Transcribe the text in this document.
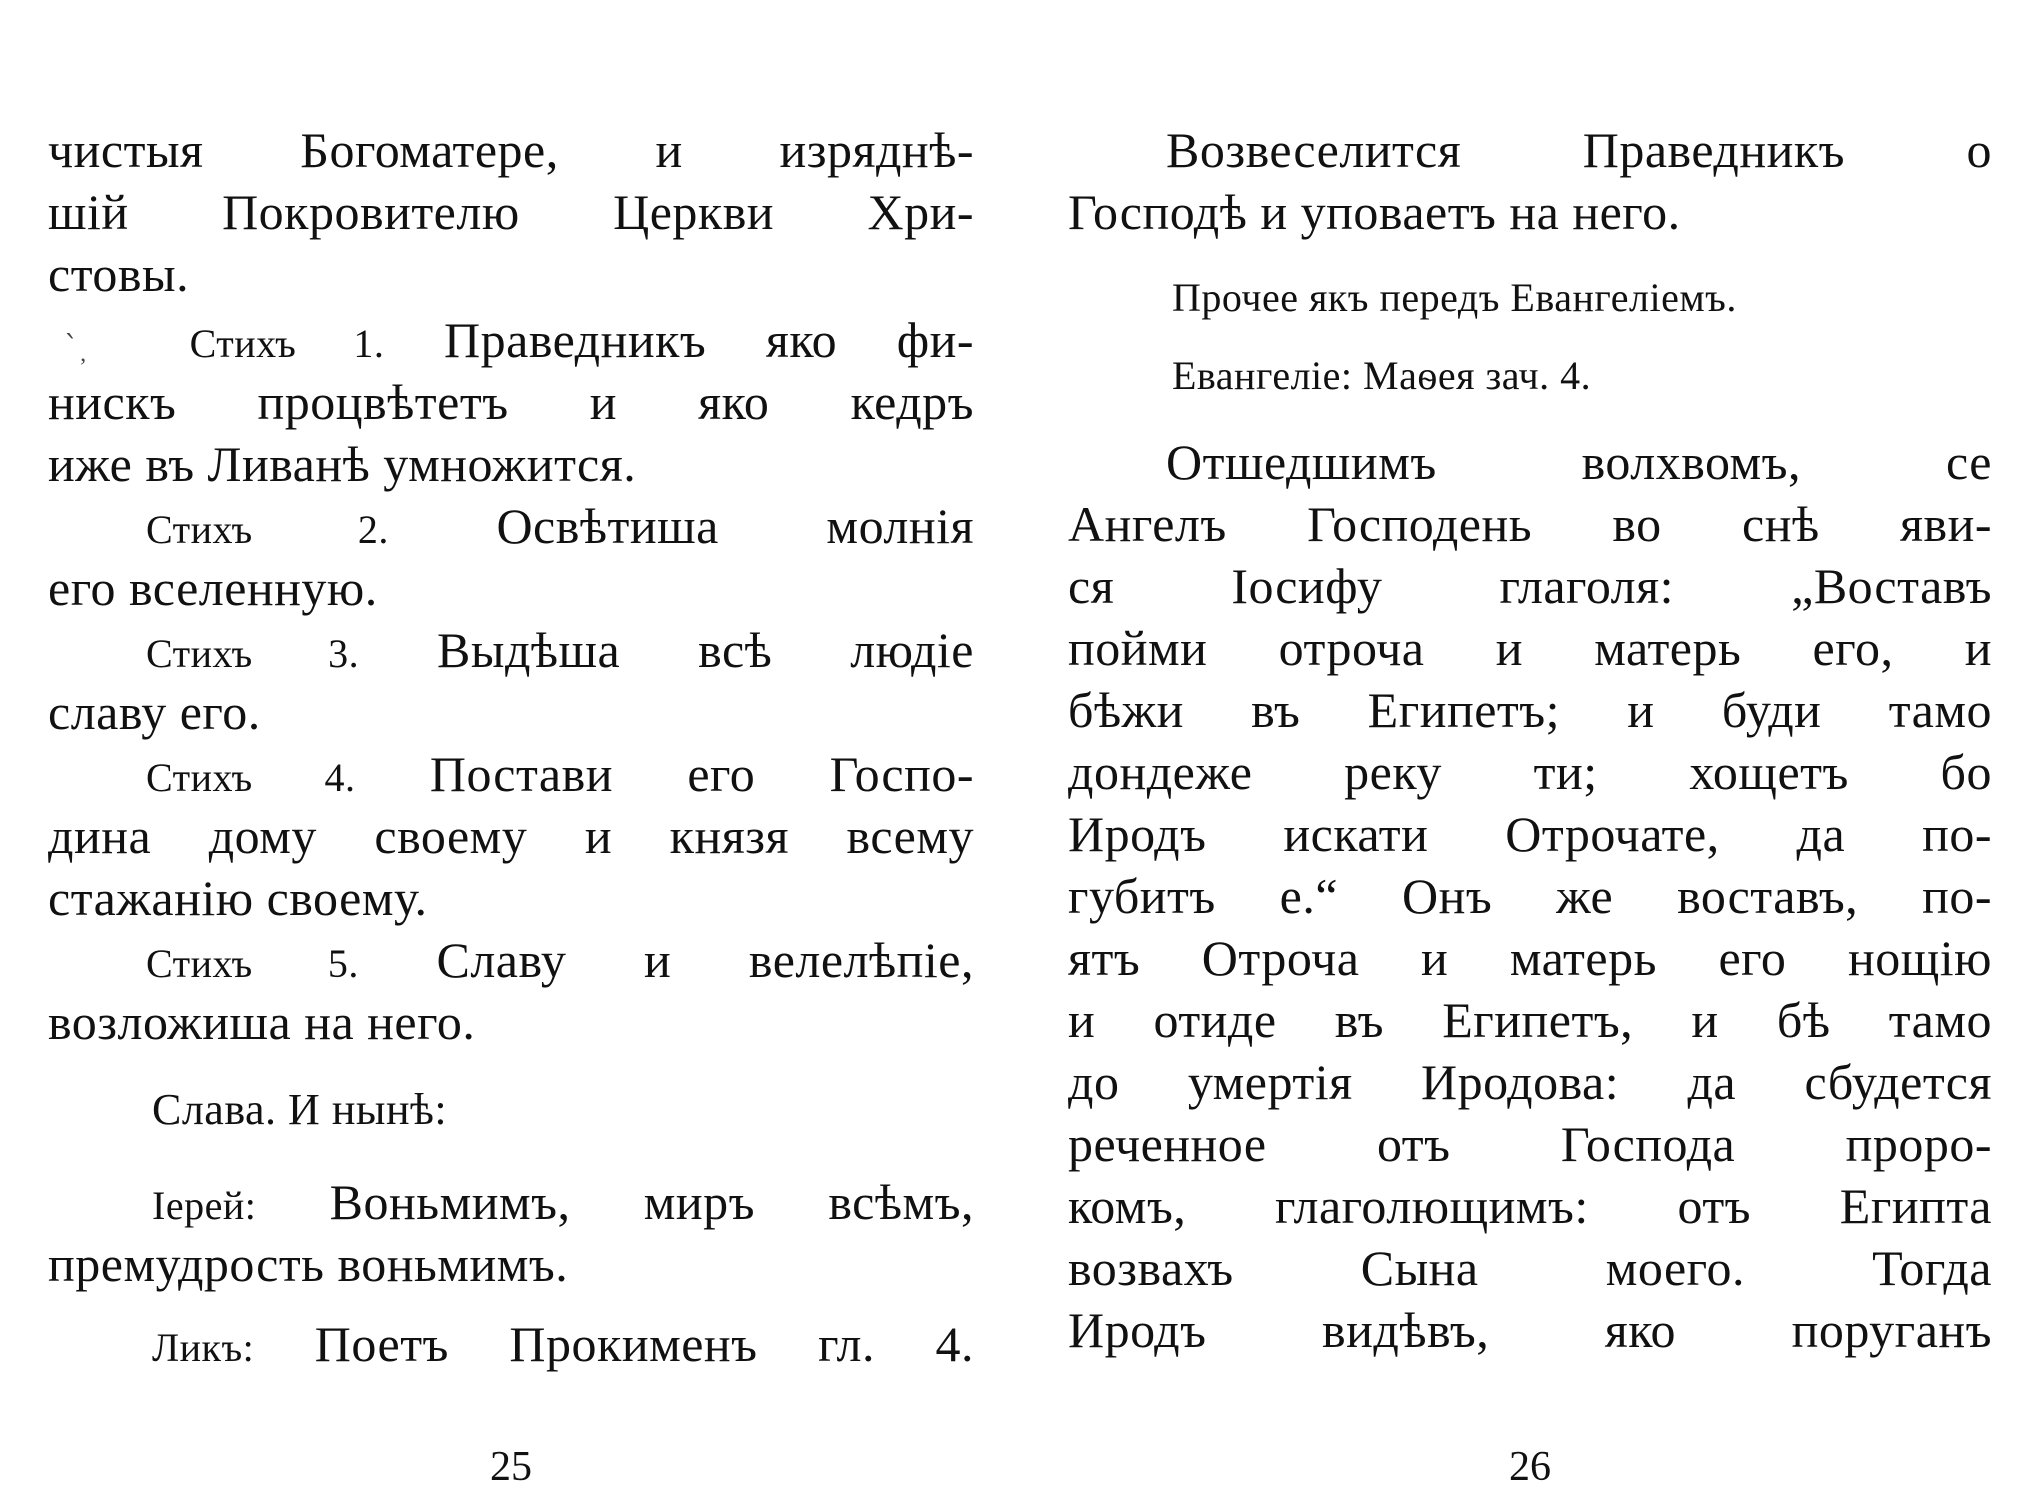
чистыя Богоматере, и изряднѣ-
шій Покровителю Церкви Хри-
стовы.
՝ ̦ Стихъ 1. Праведникъ яко фи-
нискъ процвѣтетъ и яко кедръ
иже въ Ливанѣ умножится.
Стихъ 2. Освѣтиша молнія
его вселенную.
Стихъ 3. Выдѣша всѣ людіе
славу его.
Стихъ 4. Постави его Госпо-
дина дому своему и князя всему
стажанію своему.
Стихъ 5. Славу и велелѣпіе,
возложиша на него.
Слава. И нынѣ:
Іерей: Воньмимъ, миръ всѣмъ,
премудрость воньмимъ.
Ликъ: Поетъ Прокименъ гл. 4.
25
Возвеселится Праведникъ о
Господѣ и уповаетъ на него.
Прочее якъ передъ Евангеліемъ.
Евангеліе: Маѳея зач. 4.
Отшедшимъ волхвомъ, се
Ангелъ Господень во снѣ яви-
ся Іосифу глаголя: „Воставъ
пойми отроча и матерь его, и
бѣжи въ Египетъ; и буди тамо
дондеже реку ти; хощетъ бо
Иродъ искати Отрочате, да по-
губитъ е.“ Онъ же воставъ, по-
ятъ Отроча и матерь его нощію
и отиде въ Египетъ, и бѣ тамо
до умертія Иродова: да сбудется
реченное отъ Господа проро-
комъ, глаголющимъ: отъ Египта
возвахъ Сына моего. Тогда
Иродъ видѣвъ, яко поруганъ
26
